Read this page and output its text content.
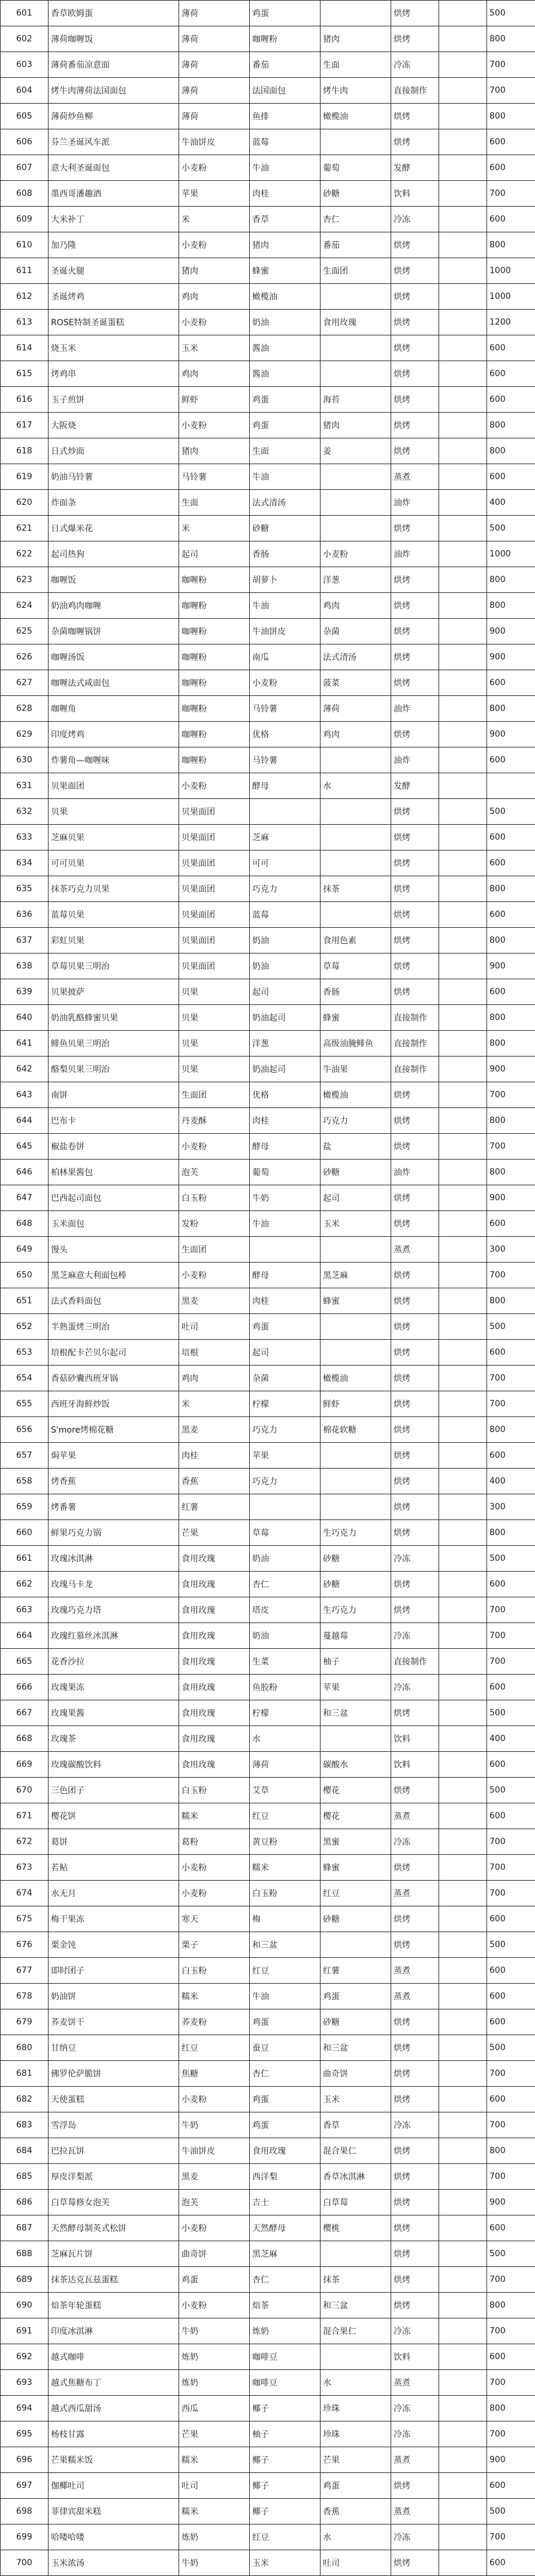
601	香草欧姆蛋	薄荷	鸡蛋		烘烤		500
602	薄荷咖喱饭	薄荷	咖喱粉	猪肉	烘烤		800
603	薄荷番茄凉意面	薄荷	番茄	生面	冷冻		700
604	烤牛肉薄荷法国面包	薄荷	法国面包	烤牛肉	直接制作		700
605	薄荷炒鱼柳	薄荷	鱼排	橄榄油	烘烤		800
606	芬兰圣诞风车派	牛油饼皮	蓝莓		烘烤		600
607	意大利圣诞面包	小麦粉	牛油	葡萄	发酵		600
608	墨西哥潘趣酒	苹果	肉桂	砂糖	饮料		700
609	大米补丁	米	香草	杏仁	冷冻		600
610	加乃隆	小麦粉	猪肉	番茄	烘烤		800
611	圣诞火腿	猪肉	蜂蜜	生面团	烘烤		1000
612	圣诞烤鸡	鸡肉	橄榄油		烘烤		1000
613	ROSE特制圣诞蛋糕	小麦粉	奶油	食用玫瑰	烘烤		1200
614	烧玉米	玉米	酱油		烘烤		600
615	烤鸡串	鸡肉	酱油		烘烤		600
616	玉子煎饼	鲜虾	鸡蛋	海苔	烘烤		600
617	大阪烧	小麦粉	鸡蛋	猪肉	烘烤		800
618	日式炒面	猪肉	生面	姜	烘烤		800
619	奶油马铃薯	马铃薯	牛油		蒸煮		600
620	炸面条	生面	法式清汤		油炸		400
621	日式爆米花	米	砂糖		烘烤		500
622	起司热狗	起司	香肠	小麦粉	油炸		1000
623	咖喱饭	咖喱粉	胡萝卜	洋葱	烘烤		800
624	奶油鸡肉咖喱	咖喱粉	牛油	鸡肉	烘烤		800
625	杂菌咖喱锅饼	咖喱粉	牛油饼皮	杂菌	烘烤		900
626	咖喱汤饭	咖喱粉	南瓜	法式清汤	烘烤		900
627	咖喱法式咸面包	咖喱粉	小麦粉	菠菜	烘烤		600
628	咖喱角	咖喱粉	马铃薯	薄荷	油炸		800
629	印度烤鸡	咖喱粉	优格	鸡肉	烘烤		900
630	炸薯角—咖喱味	咖喱粉	马铃薯		油炸		600
631	贝果面团	小麦粉	酵母	水	发酵		
632	贝果	贝果面团			烘烤		500
633	芝麻贝果	贝果面团	芝麻		烘烤		600
634	可可贝果	贝果面团	可可		烘烤		600
635	抹茶巧克力贝果	贝果面团	巧克力	抹茶	烘烤		800
636	蓝莓贝果	贝果面团	蓝莓		烘烤		600
637	彩虹贝果	贝果面团	奶油	食用色素	烘烤		800
638	草莓贝果三明治	贝果面团	奶油	草莓	烘烤		900
639	贝果披萨	贝果	起司	香肠	烘烤		600
640	奶油乳酪蜂蜜贝果	贝果	奶油起司	蜂蜜	直接制作		800
641	鲱鱼贝果三明治	贝果	洋葱	高级油腌鲱鱼	直接制作		800
642	酪梨贝果三明治	贝果	奶油起司	牛油果	直接制作		900
643	南饼	生面团	优格	橄榄油	烘烤		700
644	巴布卡	丹麦酥	肉桂	巧克力	烘烤		800
645	椒盐卷饼	小麦粉	酵母	盐	烘烤		700
646	柏林果酱包	泡芙	葡萄	砂糖	油炸		800
647	巴西起司面包	白玉粉	牛奶	起司	烘烤		900
648	玉米面包	发粉	牛油	玉米	烘烤		600
649	馒头	生面团			蒸煮		300
650	黑芝麻意大利面包棒	小麦粉	酵母	黑芝麻	烘烤		700
651	法式香料面包	黑麦	肉桂	蜂蜜	烘烤		800
652	半熟蛋烤三明治	吐司	鸡蛋		烘烤		500
653	培根配卡芒贝尔起司	培根	起司		烘烤		600
654	香菇砂囊西班牙锅	鸡肉	杂菌	橄榄油	烘烤		700
655	西班牙海鲜炒饭	米	柠檬	鲜虾	烘烤		700
656	S'more烤棉花糖	黑麦	巧克力	棉花软糖	烘烤		800
657	焗苹果	肉桂	苹果		烘烤		600
658	烤香蕉	香蕉	巧克力		烘烤		400
659	烤番薯	红薯			烘烤		300
660	鲜果巧克力锅	芒果	草莓	生巧克力	烘烤		800
661	玫瑰冰淇淋	食用玫瑰	奶油	砂糖	冷冻		500
662	玫瑰马卡龙	食用玫瑰	杏仁	砂糖	烘烤		600
663	玫瑰巧克力塔	食用玫瑰	塔皮	生巧克力	烘烤		700
664	玫瑰红慕丝冰淇淋	食用玫瑰	奶油	蔓越莓	冷冻		700
665	花香沙拉	食用玫瑰	生菜	柚子	直接制作		700
666	玫瑰果冻	食用玫瑰	鱼胶粉	苹果	冷冻		600
667	玫瑰果酱	食用玫瑰	柠檬	和三盆	烘烤		500
668	玫瑰茶	食用玫瑰	水		饮料		400
669	玫瑰碳酸饮料	食用玫瑰	薄荷	碳酸水	饮料		600
670	三色团子	白玉粉	艾草	樱花	烘烤		500
671	樱花饼	糯米	红豆	樱花	蒸煮		600
672	葛饼	葛粉	黄豆粉	黑蜜	冷冻		700
673	若鲇	小麦粉	糯米	蜂蜜	烘烤		700
674	水无月	小麦粉	白玉粉	红豆	蒸煮		700
675	梅干果冻	寒天	梅	砂糖	烘烤		600
676	栗金饨	栗子	和三盆		烘烤		500
677	即时团子	白玉粉	红豆	红薯	蒸煮		600
678	奶油饼	糯米	牛油	鸡蛋	蒸煮		600
679	荞麦饼干	荞麦粉	鸡蛋	砂糖	烘烤		600
680	甘纳豆	红豆	蚕豆	和三盆	烘烤		500
681	佛罗伦萨脆饼	焦糖	杏仁	曲奇饼	烘烤		700
682	天使蛋糕	小麦粉	鸡蛋	玉米	烘烤		600
683	雪浮岛	牛奶	鸡蛋	香草	冷冻		700
684	巴拉瓦饼	牛油饼皮	食用玫瑰	混合果仁	烘烤		800
685	厚皮洋梨派	黑麦	西洋梨	香草冰淇淋	烘烤		700
686	白草莓修女泡芙	泡芙	吉士	白草莓	烘烤		900
687	天然酵母制英式松饼	小麦粉	天然酵母	樱桃	烘烤		600
688	芝麻瓦片饼	曲奇饼	黑芝麻		烘烤		500
689	抹茶达克瓦兹蛋糕	鸡蛋	杏仁	抹茶	烘烤		700
690	焙茶年轮蛋糕	小麦粉	焙茶	和三盆	烘烤		800
691	印度冰淇淋	牛奶	炼奶	混合果仁	冷冻		700
692	越式咖啡	炼奶	咖啡豆		饮料		600
693	越式焦糖布丁	炼奶	咖啡豆	水	蒸煮		700
694	越式西瓜甜汤	西瓜	椰子	珍珠	冷冻		800
695	杨枝甘露	芒果	柚子	珍珠	冷冻		700
696	芒果糯米饭	糯米	椰子	芒果	蒸煮		900
697	伽椰吐司	吐司	椰子	鸡蛋	烘烤		600
698	菲律宾甜米糕	糯米	椰子	香蕉	蒸煮		500
699	哈喽哈喽	炼奶	红豆	水	冷冻		700
700	玉米浓汤	牛奶	玉米	吐司	烘烤		600
